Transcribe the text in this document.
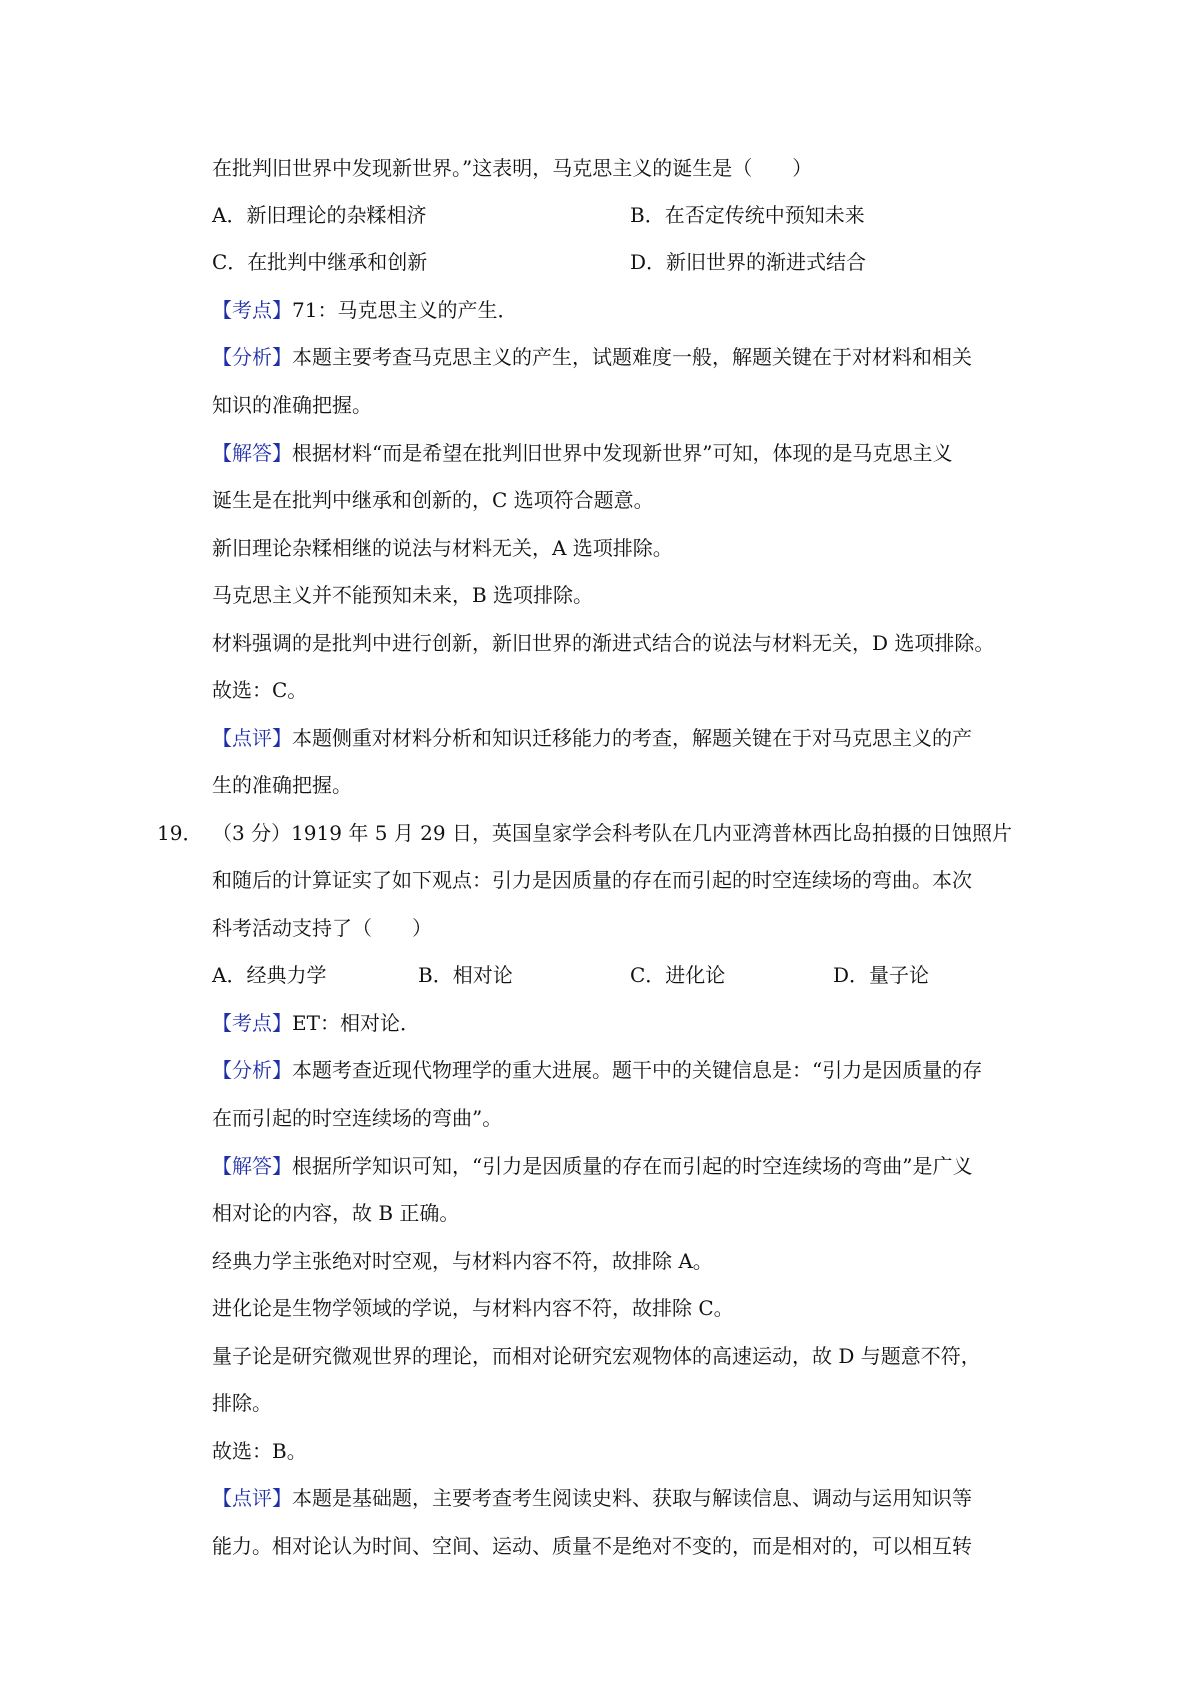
在批判旧世界中发现新世界。”这表明，马克思主义的诞生是（　　）
A．新旧理论的杂糅相济	B．在否定传统中预知未来
C．在批判中继承和创新	D．新旧世界的渐进式结合
【考点】71：马克思主义的产生．
【分析】本题主要考查马克思主义的产生，试题难度一般，解题关键在于对材料和相关
知识的准确把握。
【解答】根据材料“而是希望在批判旧世界中发现新世界”可知，体现的是马克思主义
诞生是在批判中继承和创新的，C 选项符合题意。
新旧理论杂糅相继的说法与材料无关，A 选项排除。
马克思主义并不能预知未来，B 选项排除。
材料强调的是批判中进行创新，新旧世界的渐进式结合的说法与材料无关，D 选项排除。
故选：C。
【点评】本题侧重对材料分析和知识迁移能力的考查，解题关键在于对马克思主义的产
生的准确把握。
19． （3 分）1919 年 5 月 29 日，英国皇家学会科考队在几内亚湾普林西比岛拍摄的日蚀照片
和随后的计算证实了如下观点：引力是因质量的存在而引起的时空连续场的弯曲。本次
科考活动支持了（　　）
A．经典力学	B．相对论	C．进化论	D．量子论
【考点】ET：相对论．
【分析】本题考查近现代物理学的重大进展。题干中的关键信息是：“引力是因质量的存
在而引起的时空连续场的弯曲”。
【解答】根据所学知识可知，“引力是因质量的存在而引起的时空连续场的弯曲”是广义
相对论的内容，故 B 正确。
经典力学主张绝对时空观，与材料内容不符，故排除 A。
进化论是生物学领域的学说，与材料内容不符，故排除 C。
量子论是研究微观世界的理论，而相对论研究宏观物体的高速运动，故 D 与题意不符，
排除。
故选：B。
【点评】本题是基础题，主要考查考生阅读史料、获取与解读信息、调动与运用知识等
能力。相对论认为时间、空间、运动、质量不是绝对不变的，而是相对的，可以相互转
